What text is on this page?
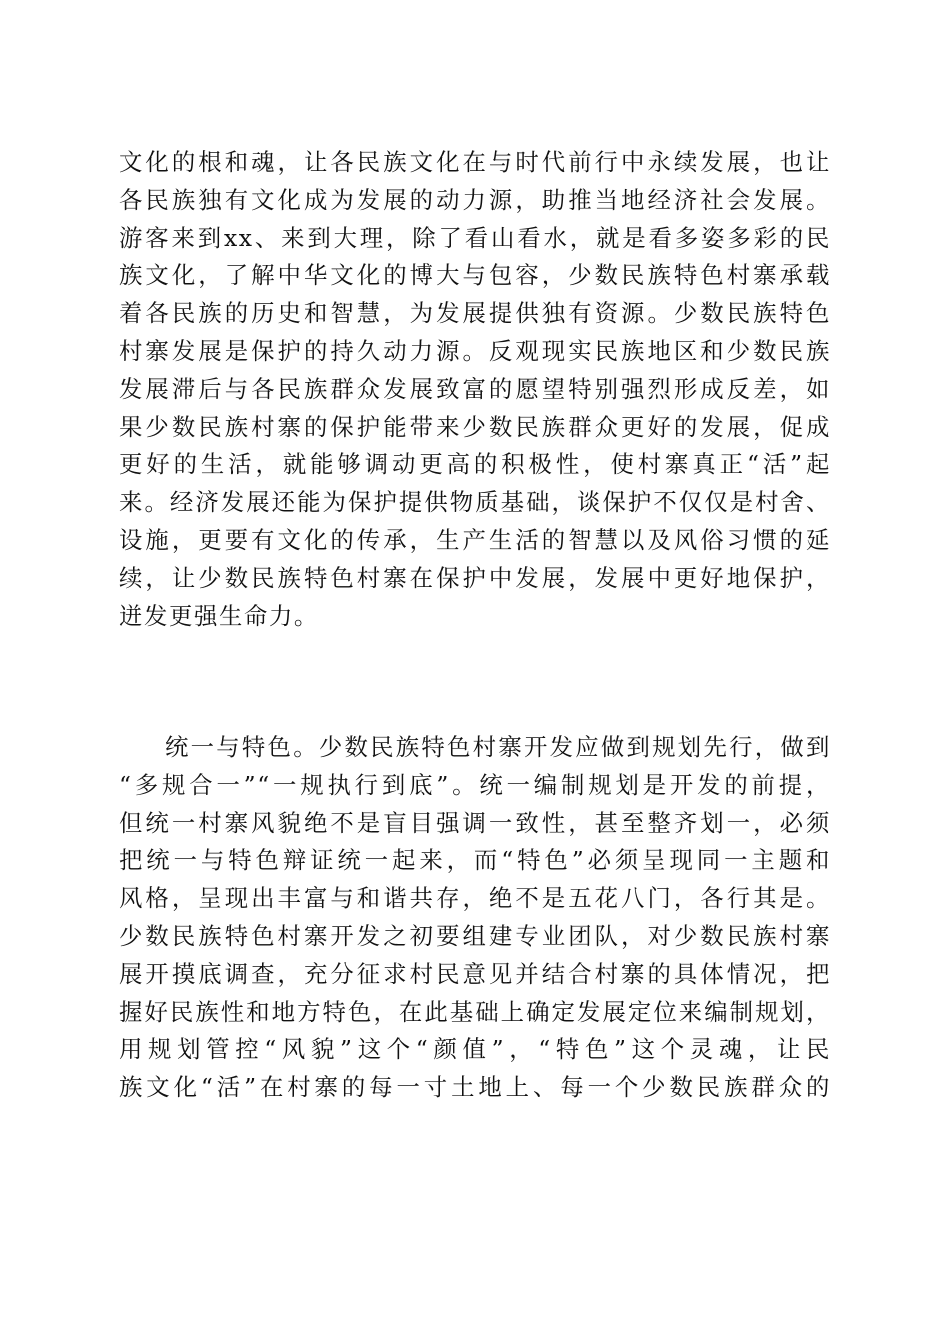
文化的根和魂，让各民族文化在与时代前行中永续发展，也让
各民族独有文化成为发展的动力源，助推当地经济社会发展。
游客来到xx、来到大理，除了看山看水，就是看多姿多彩的民
族文化，了解中华文化的博大与包容，少数民族特色村寨承载
着各民族的历史和智慧，为发展提供独有资源。少数民族特色
村寨发展是保护的持久动力源。反观现实民族地区和少数民族
发展滞后与各民族群众发展致富的愿望特别强烈形成反差，如
果少数民族村寨的保护能带来少数民族群众更好的发展，促成
更好的生活，就能够调动更高的积极性，使村寨真正“活”起
来。经济发展还能为保护提供物质基础，谈保护不仅仅是村舍、
设施，更要有文化的传承，生产生活的智慧以及风俗习惯的延
续，让少数民族特色村寨在保护中发展，发展中更好地保护，
迸发更强生命力。
统一与特色。少数民族特色村寨开发应做到规划先行，做到
“多规合一”“一规执行到底”。统一编制规划是开发的前提，
但统一村寨风貌绝不是盲目强调一致性，甚至整齐划一，必须
把统一与特色辩证统一起来，而“特色”必须呈现同一主题和
风格，呈现出丰富与和谐共存，绝不是五花八门，各行其是。
少数民族特色村寨开发之初要组建专业团队，对少数民族村寨
展开摸底调查，充分征求村民意见并结合村寨的具体情况，把
握好民族性和地方特色，在此基础上确定发展定位来编制规划，
用规划管控“风貌”这个“颜值”，“特色”这个灵魂，让民
族文化“活”在村寨的每一寸土地上、每一个少数民族群众的
